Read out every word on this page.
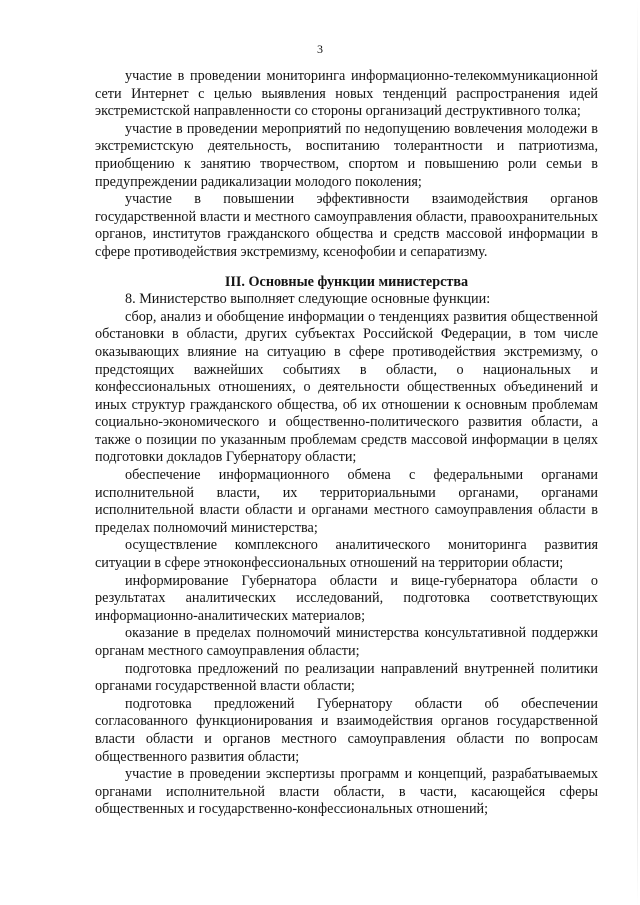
3

участие в проведении мониторинга информационно-телекоммуникационной сети Интернет с целью выявления новых тенденций распространения идей экстремистской направленности со стороны организаций деструктивного толка;

участие в проведении мероприятий по недопущению вовлечения молодежи в экстремистскую деятельность, воспитанию толерантности и патриотизма, приобщению к занятию творчеством, спортом и повышению роли семьи в предупреждении радикализации молодого поколения;

участие в повышении эффективности взаимодействия органов государственной власти и местного самоуправления области, правоохранительных органов, институтов гражданского общества и средств массовой информации в сфере противодействия экстремизму, ксенофобии и сепаратизму.

III. Основные функции министерства

8. Министерство выполняет следующие основные функции:

сбор, анализ и обобщение информации о тенденциях развития общественной обстановки в области, других субъектах Российской Федерации, в том числе оказывающих влияние на ситуацию в сфере противодействия экстремизму, о предстоящих важнейших событиях в области, о национальных и конфессиональных отношениях, о деятельности общественных объединений и иных структур гражданского общества, об их отношении к основным проблемам социально-экономического и общественно-политического развития области, а также о позиции по указанным проблемам средств массовой информации в целях подготовки докладов Губернатору области;

обеспечение информационного обмена с федеральными органами исполнительной власти, их территориальными органами, органами исполнительной власти области и органами местного самоуправления области в пределах полномочий министерства;

осуществление комплексного аналитического мониторинга развития ситуации в сфере этноконфессиональных отношений на территории области;

информирование Губернатора области и вице-губернатора области о результатах аналитических исследований, подготовка соответствующих информационно-аналитических материалов;

оказание в пределах полномочий министерства консультативной поддержки органам местного самоуправления области;

подготовка предложений по реализации направлений внутренней политики органами государственной власти области;

подготовка предложений Губернатору области об обеспечении согласованного функционирования и взаимодействия органов государственной власти области и органов местного самоуправления области по вопросам общественного развития области;

участие в проведении экспертизы программ и концепций, разрабатываемых органами исполнительной власти области, в части, касающейся сферы общественных и государственно-конфессиональных отношений;
